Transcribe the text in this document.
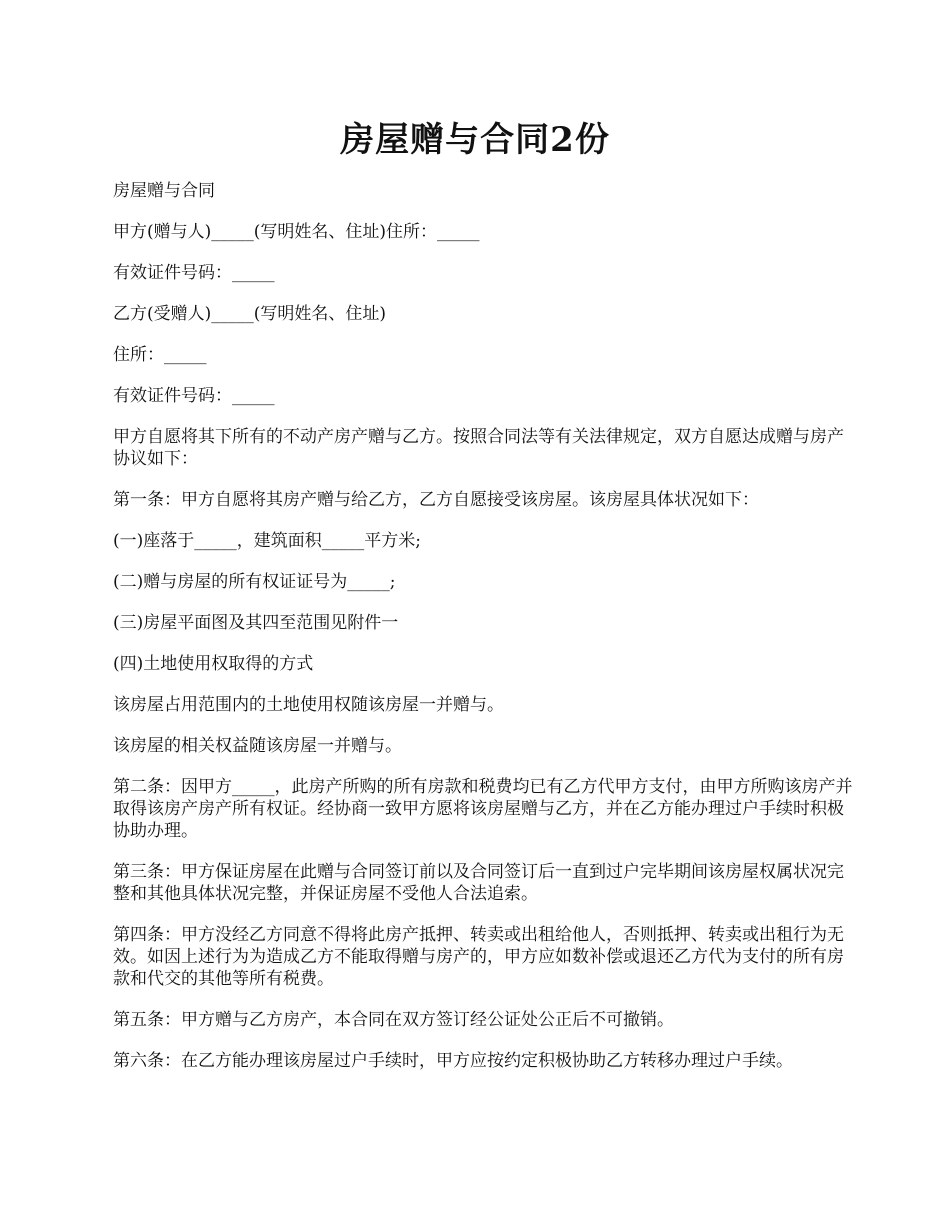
房屋赠与合同2份

房屋赠与合同

甲方(赠与人)_____(写明姓名、住址)住所：_____

有效证件号码：_____

乙方(受赠人)_____(写明姓名、住址)

住所：_____

有效证件号码：_____

甲方自愿将其下所有的不动产房产赠与乙方。按照合同法等有关法律规定，双方自愿达成赠与房产协议如下：

第一条：甲方自愿将其房产赠与给乙方，乙方自愿接受该房屋。该房屋具体状况如下：

(一)座落于_____，建筑面积_____平方米;

(二)赠与房屋的所有权证证号为_____;

(三)房屋平面图及其四至范围见附件一

(四)土地使用权取得的方式

该房屋占用范围内的土地使用权随该房屋一并赠与。

该房屋的相关权益随该房屋一并赠与。

第二条：因甲方_____，此房产所购的所有房款和税费均已有乙方代甲方支付，由甲方所购该房产并取得该房产房产所有权证。经协商一致甲方愿将该房屋赠与乙方，并在乙方能办理过户手续时积极协助办理。

第三条：甲方保证房屋在此赠与合同签订前以及合同签订后一直到过户完毕期间该房屋权属状况完整和其他具体状况完整，并保证房屋不受他人合法追索。

第四条：甲方没经乙方同意不得将此房产抵押、转卖或出租给他人，否则抵押、转卖或出租行为无效。如因上述行为为造成乙方不能取得赠与房产的，甲方应如数补偿或退还乙方代为支付的所有房款和代交的其他等所有税费。

第五条：甲方赠与乙方房产，本合同在双方签订经公证处公正后不可撤销。

第六条：在乙方能办理该房屋过户手续时，甲方应按约定积极协助乙方转移办理过户手续。
